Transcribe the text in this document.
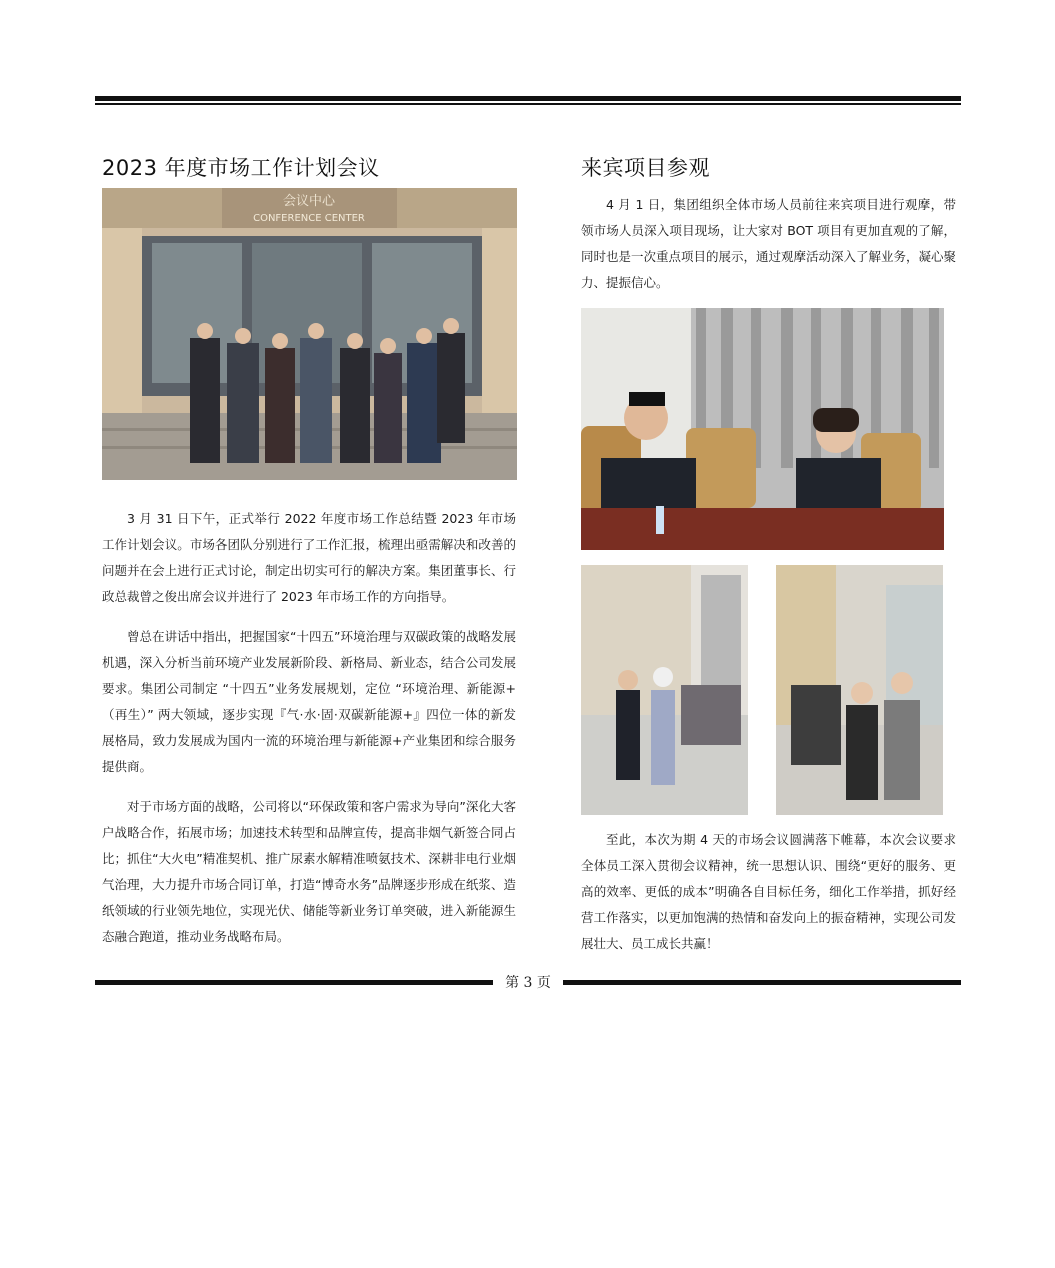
2023 年度市场工作计划会议
会议中心
CONFERENCE CENTER

3 月 31 日下午，正式举行 2022 年度市场工作总结暨 2023 年市场工作计划会议。市场各团队分别进行了工作汇报，梳理出亟需解决和改善的问题并在会上进行正式讨论，制定出切实可行的解决方案。集团董事长、行政总裁曾之俊出席会议并进行了 2023 年市场工作的方向指导。

曾总在讲话中指出，把握国家“十四五”环境治理与双碳政策的战略发展机遇，深入分析当前环境产业发展新阶段、新格局、新业态，结合公司发展要求。集团公司制定 “十四五”业务发展规划，定位 “环境治理、新能源+（再生）” 两大领域，逐步实现『气·水·固·双碳新能源+』四位一体的新发展格局，致力发展成为国内一流的环境治理与新能源+产业集团和综合服务提供商。

对于市场方面的战略，公司将以“环保政策和客户需求为导向”深化大客户战略合作，拓展市场；加速技术转型和品牌宣传，提高非烟气新签合同占比；抓住“大火电”精准契机、推广尿素水解精准喷氨技术、深耕非电行业烟气治理，大力提升市场合同订单，打造“博奇水务”品牌逐步形成在纸浆、造纸领域的行业领先地位，实现光伏、储能等新业务订单突破，进入新能源生态融合跑道，推动业务战略布局。

来宾项目参观

4 月 1 日，集团组织全体市场人员前往来宾项目进行观摩，带领市场人员深入项目现场，让大家对 BOT 项目有更加直观的了解，同时也是一次重点项目的展示，通过观摩活动深入了解业务，凝心聚力、提振信心。

至此，本次为期 4 天的市场会议圆满落下帷幕，本次会议要求全体员工深入贯彻会议精神，统一思想认识、围绕“更好的服务、更高的效率、更低的成本”明确各自目标任务，细化工作举措，抓好经营工作落实，以更加饱满的热情和奋发向上的振奋精神，实现公司发展壮大、员工成长共赢！

第 3 页
